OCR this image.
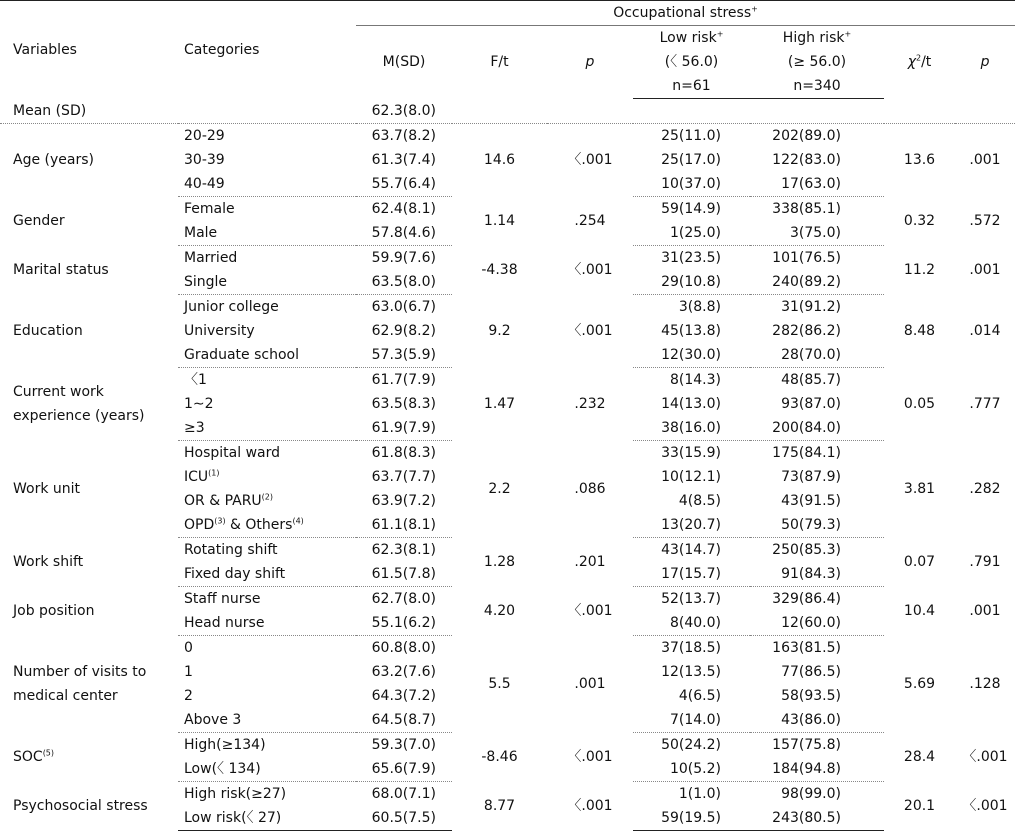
Variables	Categories	Occupational stress+
		M(SD)	F/t	p	Low risk+	High risk+	$\chi^2/t$	p
					(〈 56.0)	(≥ 56.0)		
					n=61	n=340		
Mean (SD)		62.3(8.0)						
Age (years)	20-29	63.7(8.2)	14.6	〈.001	25(11.0)	202(89.0)	13.6	.001
	30-39	61.3(7.4)			25(17.0)	122(83.0)		
	40-49	55.7(6.4)			10(37.0)	17(63.0)		
Gender	Female	62.4(8.1)	1.14	.254	59(14.9)	338(85.1)	0.32	.572
	Male	57.8(4.6)			1(25.0)	3(75.0)		
Marital status	Married	59.9(7.6)	-4.38	〈.001	31(23.5)	101(76.5)	11.2	.001
	Single	63.5(8.0)			29(10.8)	240(89.2)		
Education	Junior college	63.0(6.7)	9.2	〈.001	3(8.8)	31(91.2)	8.48	.014
	University	62.9(8.2)			45(13.8)	282(86.2)		
	Graduate school	57.3(5.9)			12(30.0)	28(70.0)		
Current work experience (years)	〈1	61.7(7.9)	1.47	.232	8(14.3)	48(85.7)	0.05	.777
	1∼2	63.5(8.3)			14(13.0)	93(87.0)		
	≥3	61.9(7.9)			38(16.0)	200(84.0)		
Work unit	Hospital ward	61.8(8.3)	2.2	.086	33(15.9)	175(84.1)	3.81	.282
	ICU$^{(1)}$	63.7(7.7)			10(12.1)	73(87.9)		
	OR & PARU$^{(2)}$	63.9(7.2)			4(8.5)	43(91.5)		
	OPD$^{(3)}$ & Others$^{(4)}$	61.1(8.1)			13(20.7)	50(79.3)		
Work shift	Rotating shift	62.3(8.1)	1.28	.201	43(14.7)	250(85.3)	0.07	.791
	Fixed day shift	61.5(7.8)			17(15.7)	91(84.3)		
Job position	Staff nurse	62.7(8.0)	4.20	〈.001	52(13.7)	329(86.4)	10.4	.001
	Head nurse	55.1(6.2)			8(40.0)	12(60.0)		
Number of visits to medical center	0	60.8(8.0)	5.5	.001	37(18.5)	163(81.5)	5.69	.128
	1	63.2(7.6)			12(13.5)	77(86.5)		
	2	64.3(7.2)			4(6.5)	58(93.5)		
	Above 3	64.5(8.7)			7(14.0)	43(86.0)		
SOC$^{(5)}$	High(≥134)	59.3(7.0)	-8.46	〈.001	50(24.2)	157(75.8)	28.4	〈.001
	Low(〈 134)	65.6(7.9)			10(5.2)	184(94.8)		
Psychosocial stress	High risk(≥27)	68.0(7.1)	8.77	〈.001	1(1.0)	98(99.0)	20.1	〈.001
	Low risk(〈 27)	60.5(7.5)			59(19.5)	243(80.5)		
